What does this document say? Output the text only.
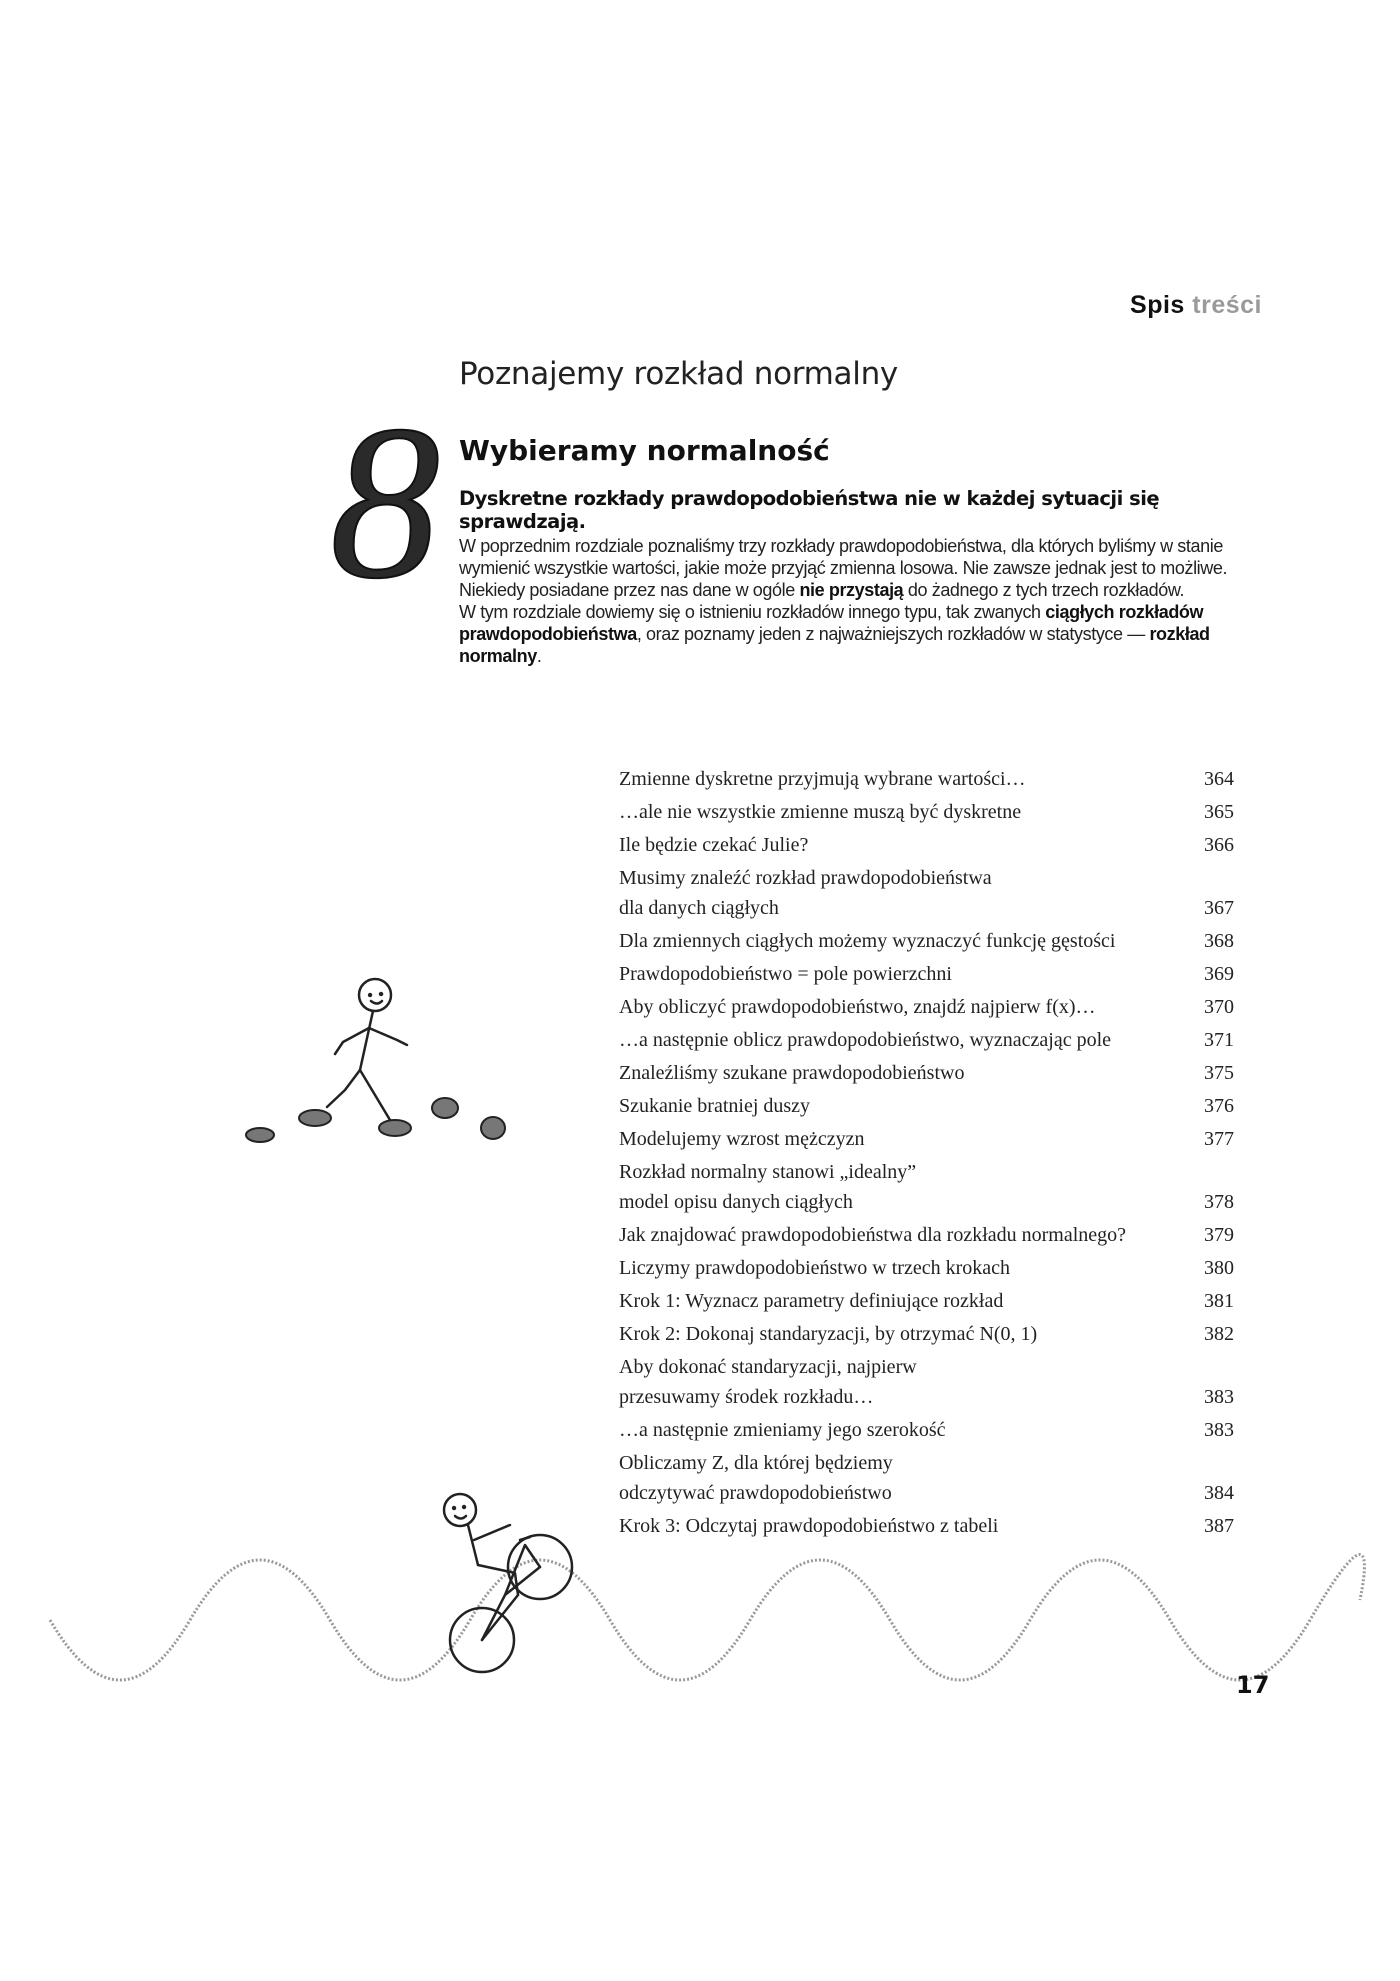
Spis treści
Poznajemy rozkład normalny
8 Wybieramy normalność
Dyskretne rozkłady prawdopodobieństwa nie w każdej sytuacji się sprawdzają.

W poprzednim rozdziale poznaliśmy trzy rozkłady prawdopodobieństwa, dla których byliśmy w stanie wymienić wszystkie wartości, jakie może przyjąć zmienna losowa. Nie zawsze jednak jest to możliwe. Niekiedy posiadane przez nas dane w ogóle nie przystają do żadnego z tych trzech rozkładów.

W tym rozdziale dowiemy się o istnieniu rozkładów innego typu, tak zwanych ciągłych rozkładów prawdopodobieństwa, oraz poznamy jeden z najważniejszych rozkładów w statystyce — rozkład normalny.

Zmienne dyskretne przyjmują wybrane wartości…	364
…ale nie wszystkie zmienne muszą być dyskretne	365
Ile będzie czekać Julie?	366
Musimy znaleźć rozkład prawdopodobieństwa
dla danych ciągłych	367
Dla zmiennych ciągłych możemy wyznaczyć funkcję gęstości	368
Prawdopodobieństwo = pole powierzchni	369
Aby obliczyć prawdopodobieństwo, znajdź najpierw f(x)…	370
…a następnie oblicz prawdopodobieństwo, wyznaczając pole	371
Znaleźliśmy szukane prawdopodobieństwo	375
Szukanie bratniej duszy	376
Modelujemy wzrost mężczyzn	377
Rozkład normalny stanowi „idealny”
model opisu danych ciągłych	378
Jak znajdować prawdopodobieństwa dla rozkładu normalnego?	379
Liczymy prawdopodobieństwo w trzech krokach	380
Krok 1: Wyznacz parametry definiujące rozkład	381
Krok 2: Dokonaj standaryzacji, by otrzymać N(0, 1)	382
Aby dokonać standaryzacji, najpierw
przesuwamy środek rozkładu…	383
…a następnie zmieniamy jego szerokość	383
Obliczamy Z, dla której będziemy
odczytywać prawdopodobieństwo	384
Krok 3: Odczytaj prawdopodobieństwo z tabeli	387
17
